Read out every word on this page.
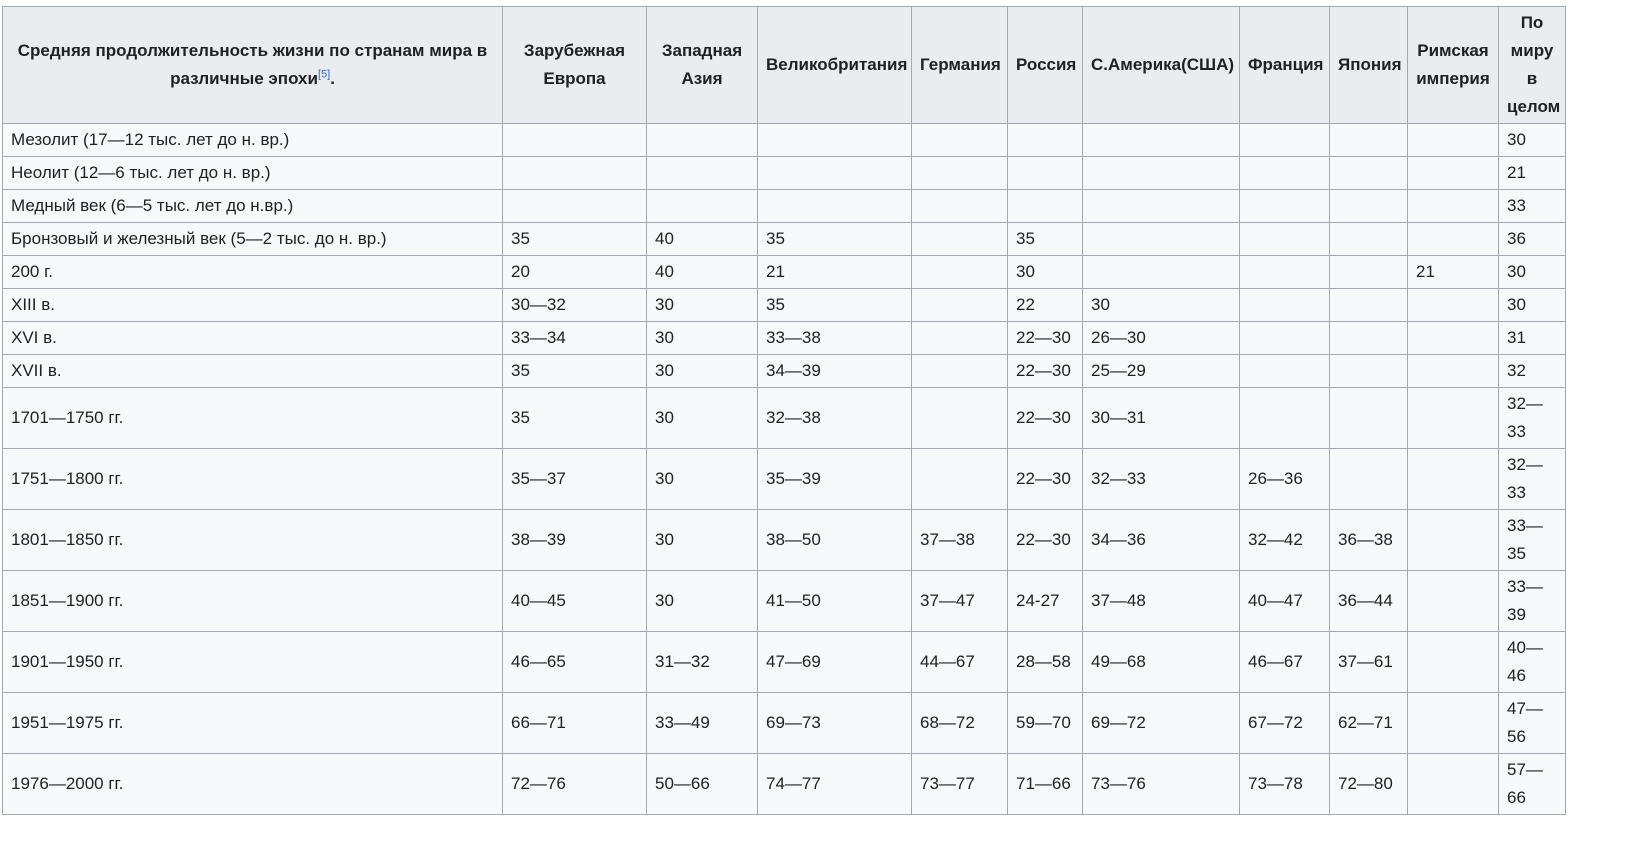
Средняя продолжительность жизни по странам мира в различные эпохи[5].	Зарубежная Европа	Западная Азия	Великобритания	Германия	Россия	С.Америка(США)	Франция	Япония	Римская империя	По миру в целом
Мезолит (17—12 тыс. лет до н. вр.)										30
Неолит (12—6 тыс. лет до н. вр.)										21
Медный век (6—5 тыс. лет до н.вр.)										33
Бронзовый и железный век (5—2 тыс. до н. вр.)	35	40	35		35					36
200 г.	20	40	21		30				21	30
XIII в.	30—32	30	35		22	30				30
XVI в.	33—34	30	33—38		22—30	26—30				31
XVII в.	35	30	34—39		22—30	25—29				32
1701—1750 гг.	35	30	32—38		22—30	30—31				32—33
1751—1800 гг.	35—37	30	35—39		22—30	32—33	26—36			32—33
1801—1850 гг.	38—39	30	38—50	37—38	22—30	34—36	32—42	36—38		33—35
1851—1900 гг.	40—45	30	41—50	37—47	24-27	37—48	40—47	36—44		33—39
1901—1950 гг.	46—65	31—32	47—69	44—67	28—58	49—68	46—67	37—61		40—46
1951—1975 гг.	66—71	33—49	69—73	68—72	59—70	69—72	67—72	62—71		47—56
1976—2000 гг.	72—76	50—66	74—77	73—77	71—66	73—76	73—78	72—80		57—66
